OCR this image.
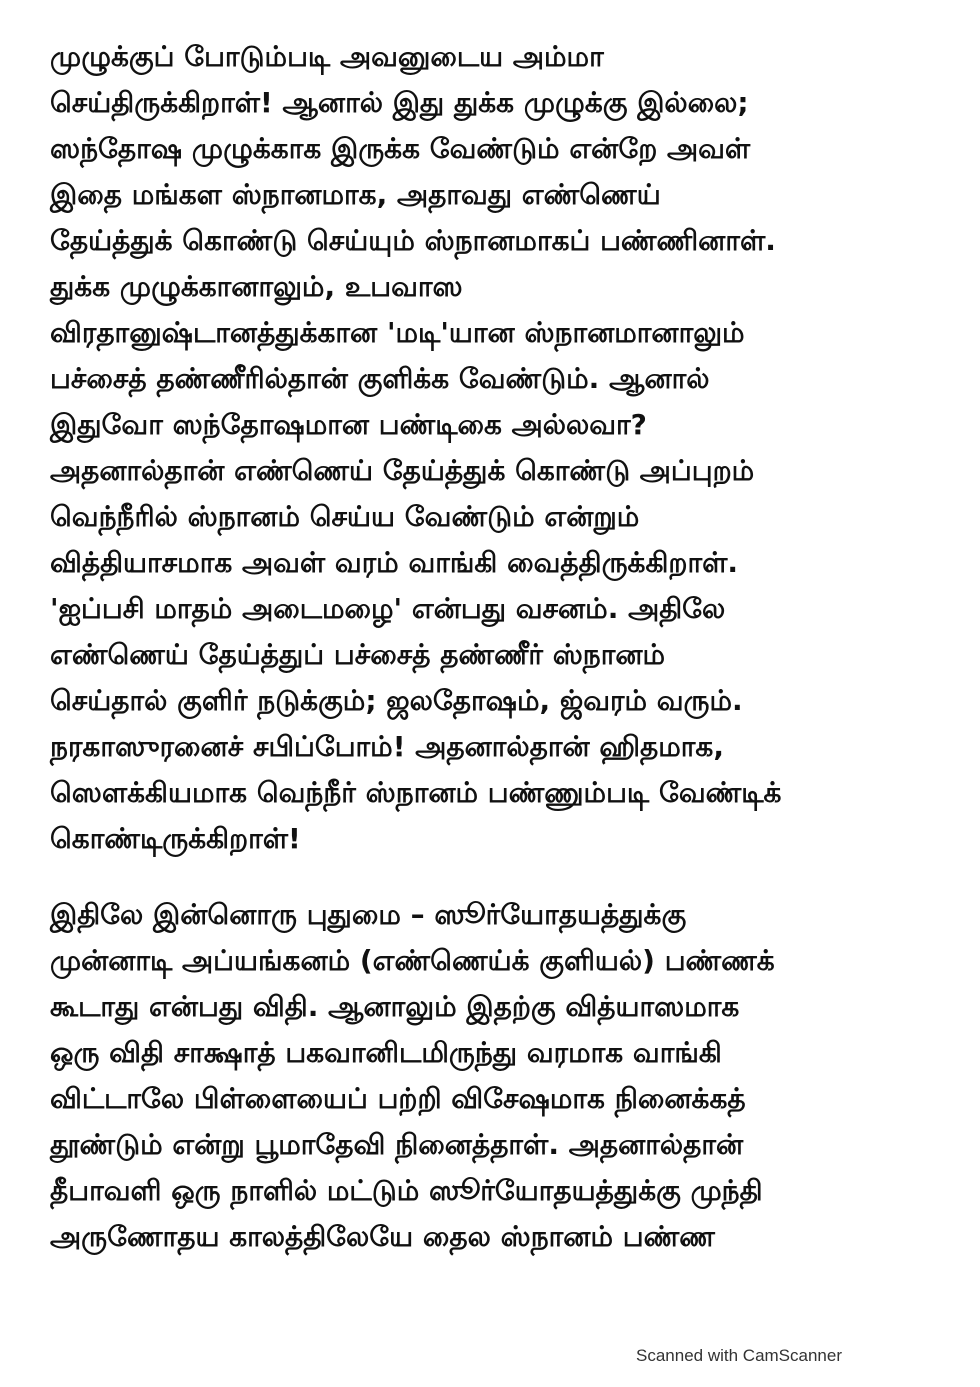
முழுக்குப் போடும்படி அவனுடைய அம்மா
செய்திருக்கிறாள்! ஆனால் இது துக்க முழுக்கு இல்லை;
ஸந்தோஷ முழுக்காக இருக்க வேண்டும் என்றே அவள்
இதை மங்கள ஸ்நானமாக, அதாவது எண்ணெய்
தேய்த்துக் கொண்டு செய்யும் ஸ்நானமாகப் பண்ணினாள்.
துக்க முழுக்கானாலும், உபவாஸ
விரதானுஷ்டானத்துக்கான 'மடி'யான ஸ்நானமானாலும்
பச்சைத் தண்ணீரில்தான் குளிக்க வேண்டும். ஆனால்
இதுவோ ஸந்தோஷமான பண்டிகை அல்லவா?
அதனால்தான் எண்ணெய் தேய்த்துக் கொண்டு அப்புறம்
வெந்நீரில் ஸ்நானம் செய்ய வேண்டும் என்றும்
வித்தியாசமாக அவள் வரம் வாங்கி வைத்திருக்கிறாள்.
'ஐப்பசி மாதம் அடைமழை' என்பது வசனம். அதிலே
எண்ணெய் தேய்த்துப் பச்சைத் தண்ணீர் ஸ்நானம்
செய்தால் குளிர் நடுக்கும்; ஜலதோஷம், ஜ்வரம் வரும்.
நரகாஸுரனைச் சபிப்போம்! அதனால்தான் ஹிதமாக,
ஸௌக்கியமாக வெந்நீர் ஸ்நானம் பண்ணும்படி வேண்டிக்
கொண்டிருக்கிறாள்!
இதிலே இன்னொரு புதுமை – ஸூர்யோதயத்துக்கு
முன்னாடி அப்யங்கனம் (எண்ணெய்க் குளியல்) பண்ணக்
கூடாது என்பது விதி. ஆனாலும் இதற்கு வித்யாஸமாக
ஒரு விதி சாக்ஷாத் பகவானிடமிருந்து வரமாக வாங்கி
விட்டாலே பிள்ளையைப் பற்றி விசேஷமாக நினைக்கத்
தூண்டும் என்று பூமாதேவி நினைத்தாள். அதனால்தான்
தீபாவளி ஒரு நாளில் மட்டும் ஸூர்யோதயத்துக்கு முந்தி
அருணோதய காலத்திலேயே தைல ஸ்நானம் பண்ண
Scanned with CamScanner
